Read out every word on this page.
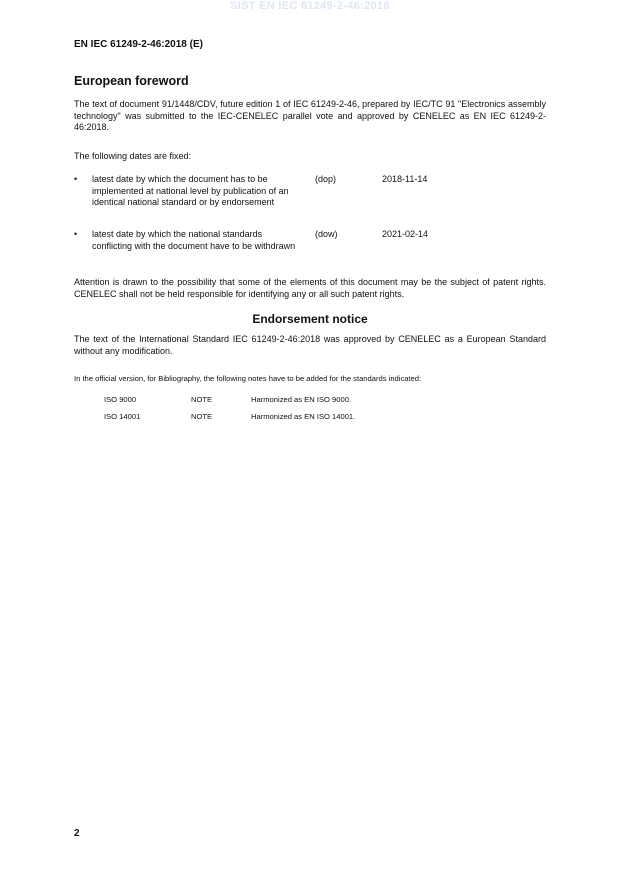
SIST EN IEC 61249-2-46:2018
EN IEC 61249-2-46:2018 (E)
European foreword
The text of document 91/1448/CDV, future edition 1 of IEC 61249-2-46, prepared by IEC/TC 91 "Electronics assembly technology" was submitted to the IEC-CENELEC parallel vote and approved by CENELEC as EN IEC 61249-2-46:2018.
The following dates are fixed:
• latest date by which the document has to be implemented at national level by publication of an identical national standard or by endorsement
(dop)	2018-11-14
• latest date by which the national standards conflicting with the document have to be withdrawn
(dow)	2021-02-14
Attention is drawn to the possibility that some of the elements of this document may be the subject of patent rights. CENELEC shall not be held responsible for identifying any or all such patent rights.
Endorsement notice
The text of the International Standard IEC 61249-2-46:2018 was approved by CENELEC as a European Standard without any modification.
In the official version, for Bibliography, the following notes have to be added for the standards indicated:
ISO 9000	NOTE	Harmonized as EN ISO 9000.
ISO 14001	NOTE	Harmonized as EN ISO 14001.
2
